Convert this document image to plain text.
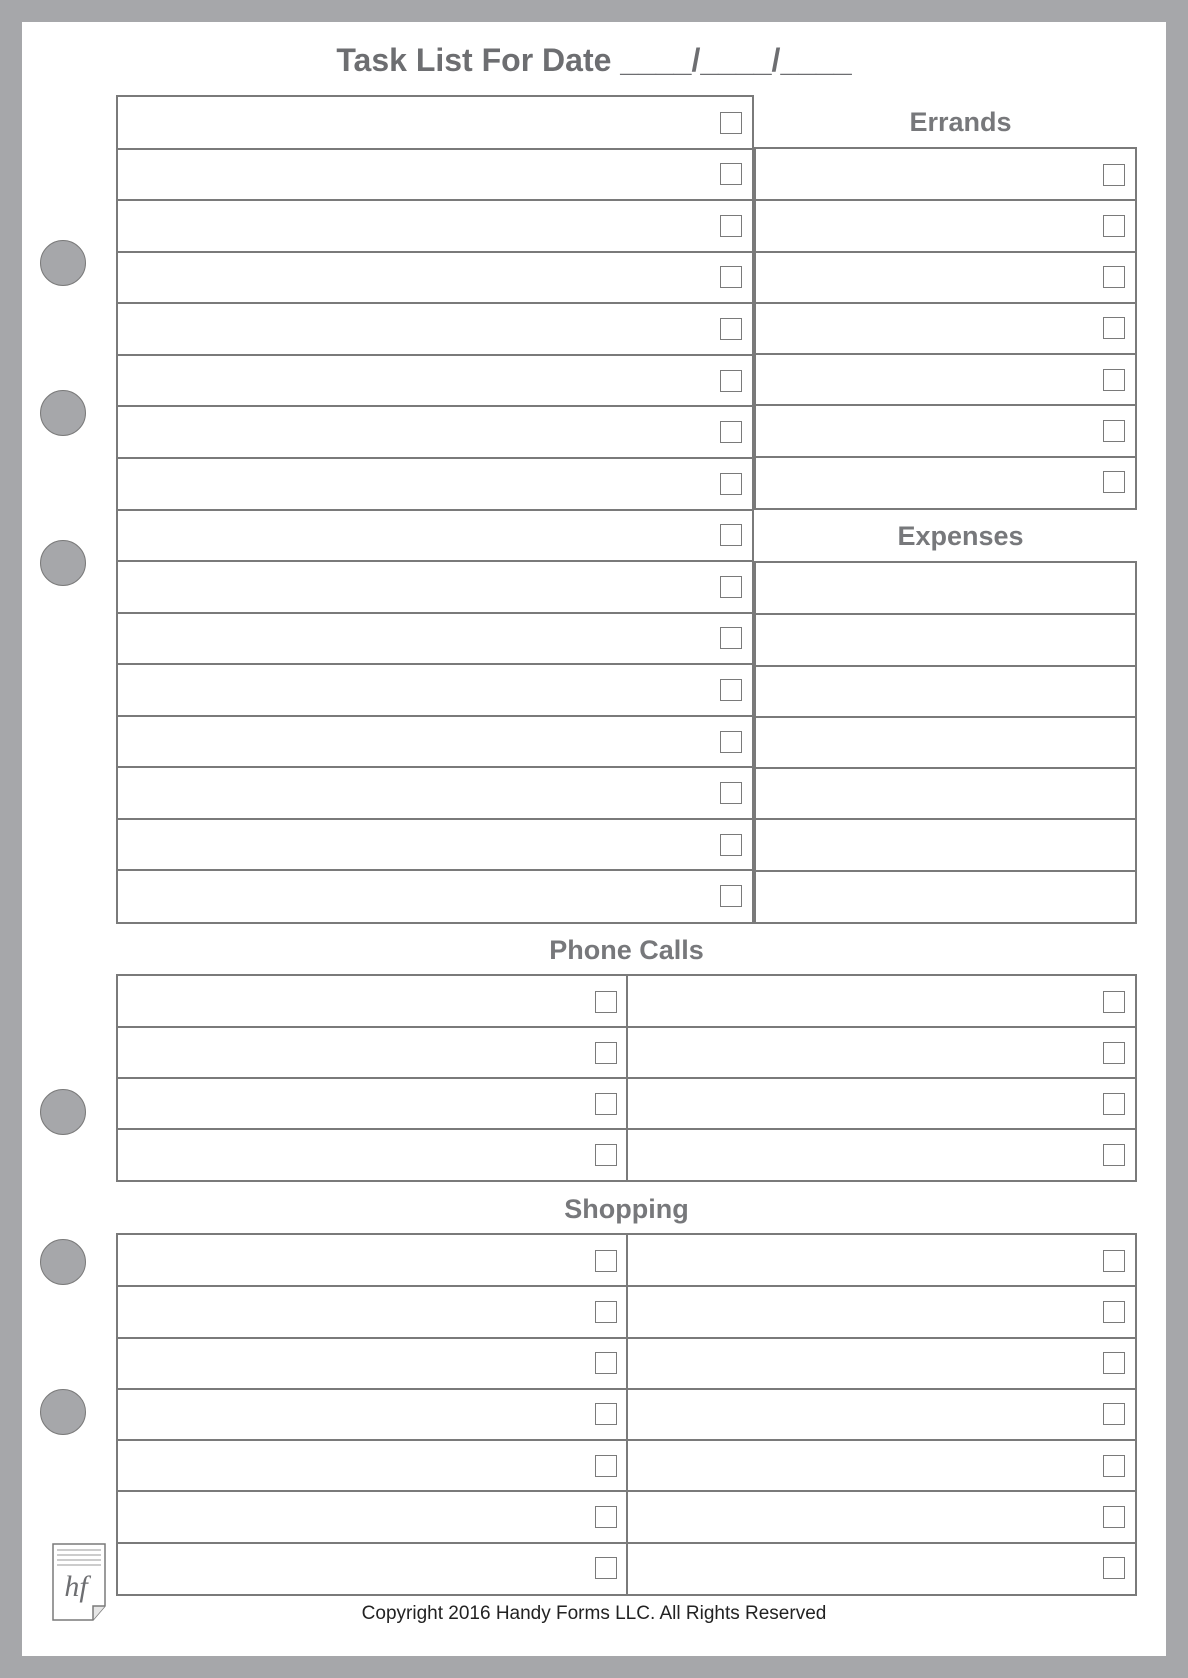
Task List For Date ____/____/____
Errands
Expenses
Phone Calls
Shopping
hf
Copyright 2016 Handy Forms LLC. All Rights Reserved
